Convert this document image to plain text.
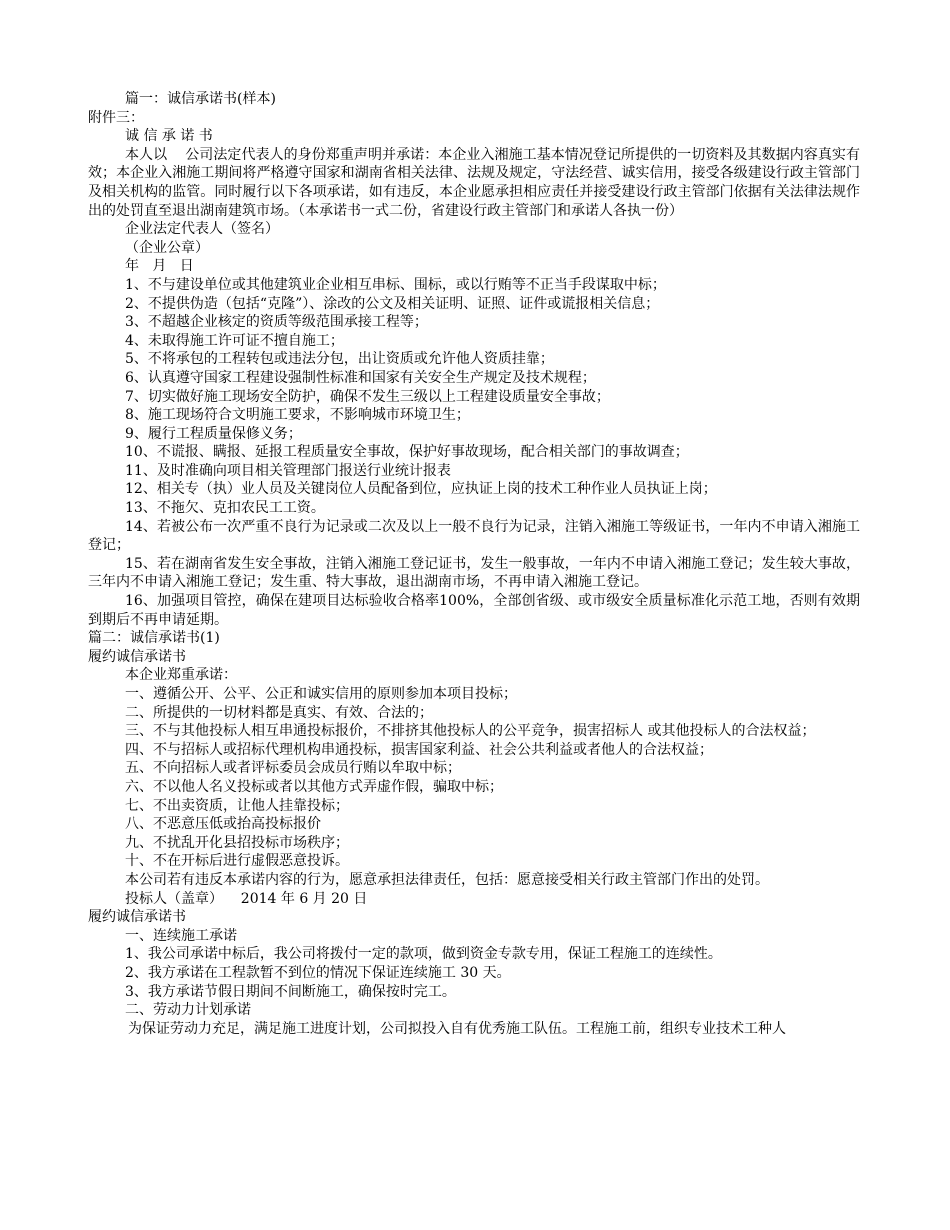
篇一：诚信承诺书(样本)

附件三：

诚 信 承 诺 书

本人以    公司法定代表人的身份郑重声明并承诺：本企业入湘施工基本情况登记所提供的一切资料及其数据内容真实有效；本企业入湘施工期间将严格遵守国家和湖南省相关法律、法规及规定，守法经营、诚实信用，接受各级建设行政主管部门及相关机构的监管。同时履行以下各项承诺，如有违反，本企业愿承担相应责任并接受建设行政主管部门依据有关法律法规作出的处罚直至退出湖南建筑市场。（本承诺书一式二份，省建设行政主管部门和承诺人各执一份）

企业法定代表人（签名）

（企业公章）

年   月   日

1、不与建设单位或其他建筑业企业相互串标、围标，或以行贿等不正当手段谋取中标；

2、不提供伪造（包括“克隆”）、涂改的公文及相关证明、证照、证件或谎报相关信息；

3、不超越企业核定的资质等级范围承接工程等；

4、未取得施工许可证不擅自施工；

5、不将承包的工程转包或违法分包，出让资质或允许他人资质挂靠；

6、认真遵守国家工程建设强制性标准和国家有关安全生产规定及技术规程；

7、切实做好施工现场安全防护，确保不发生三级以上工程建设质量安全事故；

8、施工现场符合文明施工要求，不影响城市环境卫生；

9、履行工程质量保修义务；

10、不谎报、瞒报、延报工程质量安全事故，保护好事故现场，配合相关部门的事故调查；

11、及时准确向项目相关管理部门报送行业统计报表

12、相关专（执）业人员及关键岗位人员配备到位，应执证上岗的技术工种作业人员执证上岗；

13、不拖欠、克扣农民工工资。

14、若被公布一次严重不良行为记录或二次及以上一般不良行为记录，注销入湘施工等级证书，一年内不申请入湘施工登记；

15、若在湖南省发生安全事故，注销入湘施工登记证书，发生一般事故，一年内不申请入湘施工登记；发生较大事故，三年内不申请入湘施工登记；发生重、特大事故，退出湖南市场，不再申请入湘施工登记。

16、加强项目管控，确保在建项目达标验收合格率100%，全部创省级、或市级安全质量标准化示范工地，否则有效期到期后不再申请延期。

篇二：诚信承诺书(1)

履约诚信承诺书

本企业郑重承诺：

一、遵循公开、公平、公正和诚实信用的原则参加本项目投标；

二、所提供的一切材料都是真实、有效、合法的；

三、不与其他投标人相互串通投标报价，不排挤其他投标人的公平竞争，损害招标人 或其他投标人的合法权益；

四、不与招标人或招标代理机构串通投标，损害国家利益、社会公共利益或者他人的合法权益；

五、不向招标人或者评标委员会成员行贿以牟取中标；

六、不以他人名义投标或者以其他方式弄虚作假，骗取中标；

七、不出卖资质，让他人挂靠投标；

八、不恶意压低或抬高投标报价

九、不扰乱开化县招投标市场秩序；

十、不在开标后进行虚假恶意投诉。

本公司若有违反本承诺内容的行为，愿意承担法律责任，包括：愿意接受相关行政主管部门作出的处罚。

投标人（盖章）    2014 年 6 月 20 日

履约诚信承诺书

一、连续施工承诺

1、我公司承诺中标后，我公司将拨付一定的款项，做到资金专款专用，保证工程施工的连续性。

2、我方承诺在工程款暂不到位的情况下保证连续施工 30 天。

3、我方承诺节假日期间不间断施工，确保按时完工。

二、劳动力计划承诺

为保证劳动力充足，满足施工进度计划，公司拟投入自有优秀施工队伍。工程施工前，组织专业技术工种人
